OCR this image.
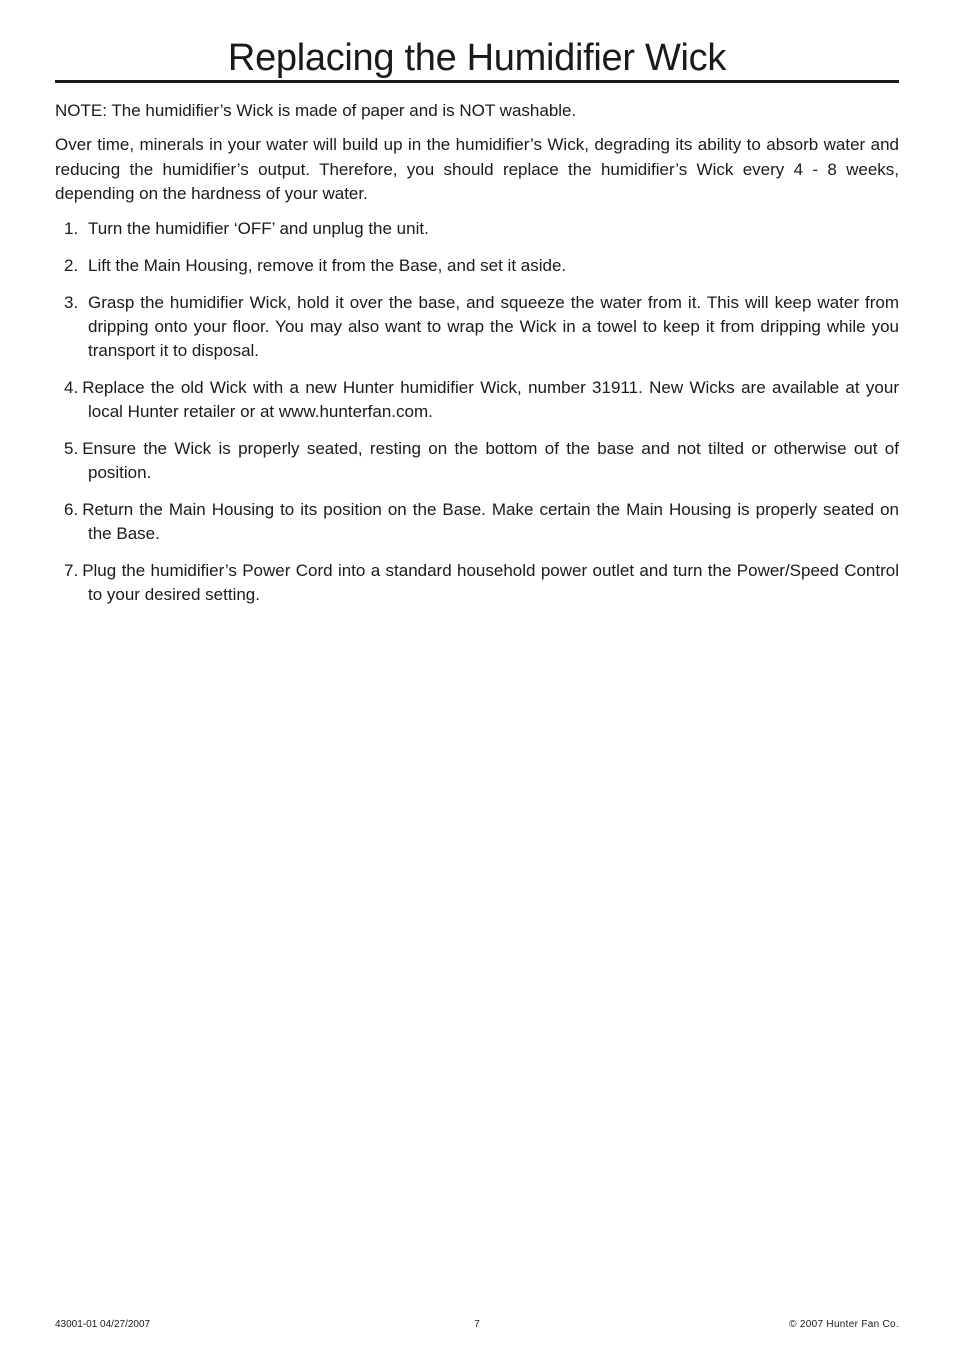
Replacing the Humidifier Wick

NOTE: The humidifier’s Wick is made of paper and is NOT washable.

Over time, minerals in your water will build up in the humidifier’s Wick, degrading its ability to absorb water and reducing the humidifier’s output. Therefore, you should replace the humidifier’s Wick every 4 - 8 weeks, depending on the hardness of your water.

1. Turn the humidifier ‘OFF’ and unplug the unit.
2. Lift the Main Housing, remove it from the Base, and set it aside.
3. Grasp the humidifier Wick, hold it over the base, and squeeze the water from it. This will keep water from dripping onto your floor. You may also want to wrap the Wick in a towel to keep it from dripping while you transport it to disposal.
4. Replace the old Wick with a new Hunter humidifier Wick, number 31911. New Wicks are available at your local Hunter retailer or at www.hunterfan.com.
5. Ensure the Wick is properly seated, resting on the bottom of the base and not tilted or otherwise out of position.
6. Return the Main Housing to its position on the Base. Make certain the Main Housing is properly seated on the Base.
7. Plug the humidifier’s Power Cord into a standard household power outlet and turn the Power/Speed Control to your desired setting.
43001-01 04/27/2007	7	© 2007 Hunter Fan Co.
